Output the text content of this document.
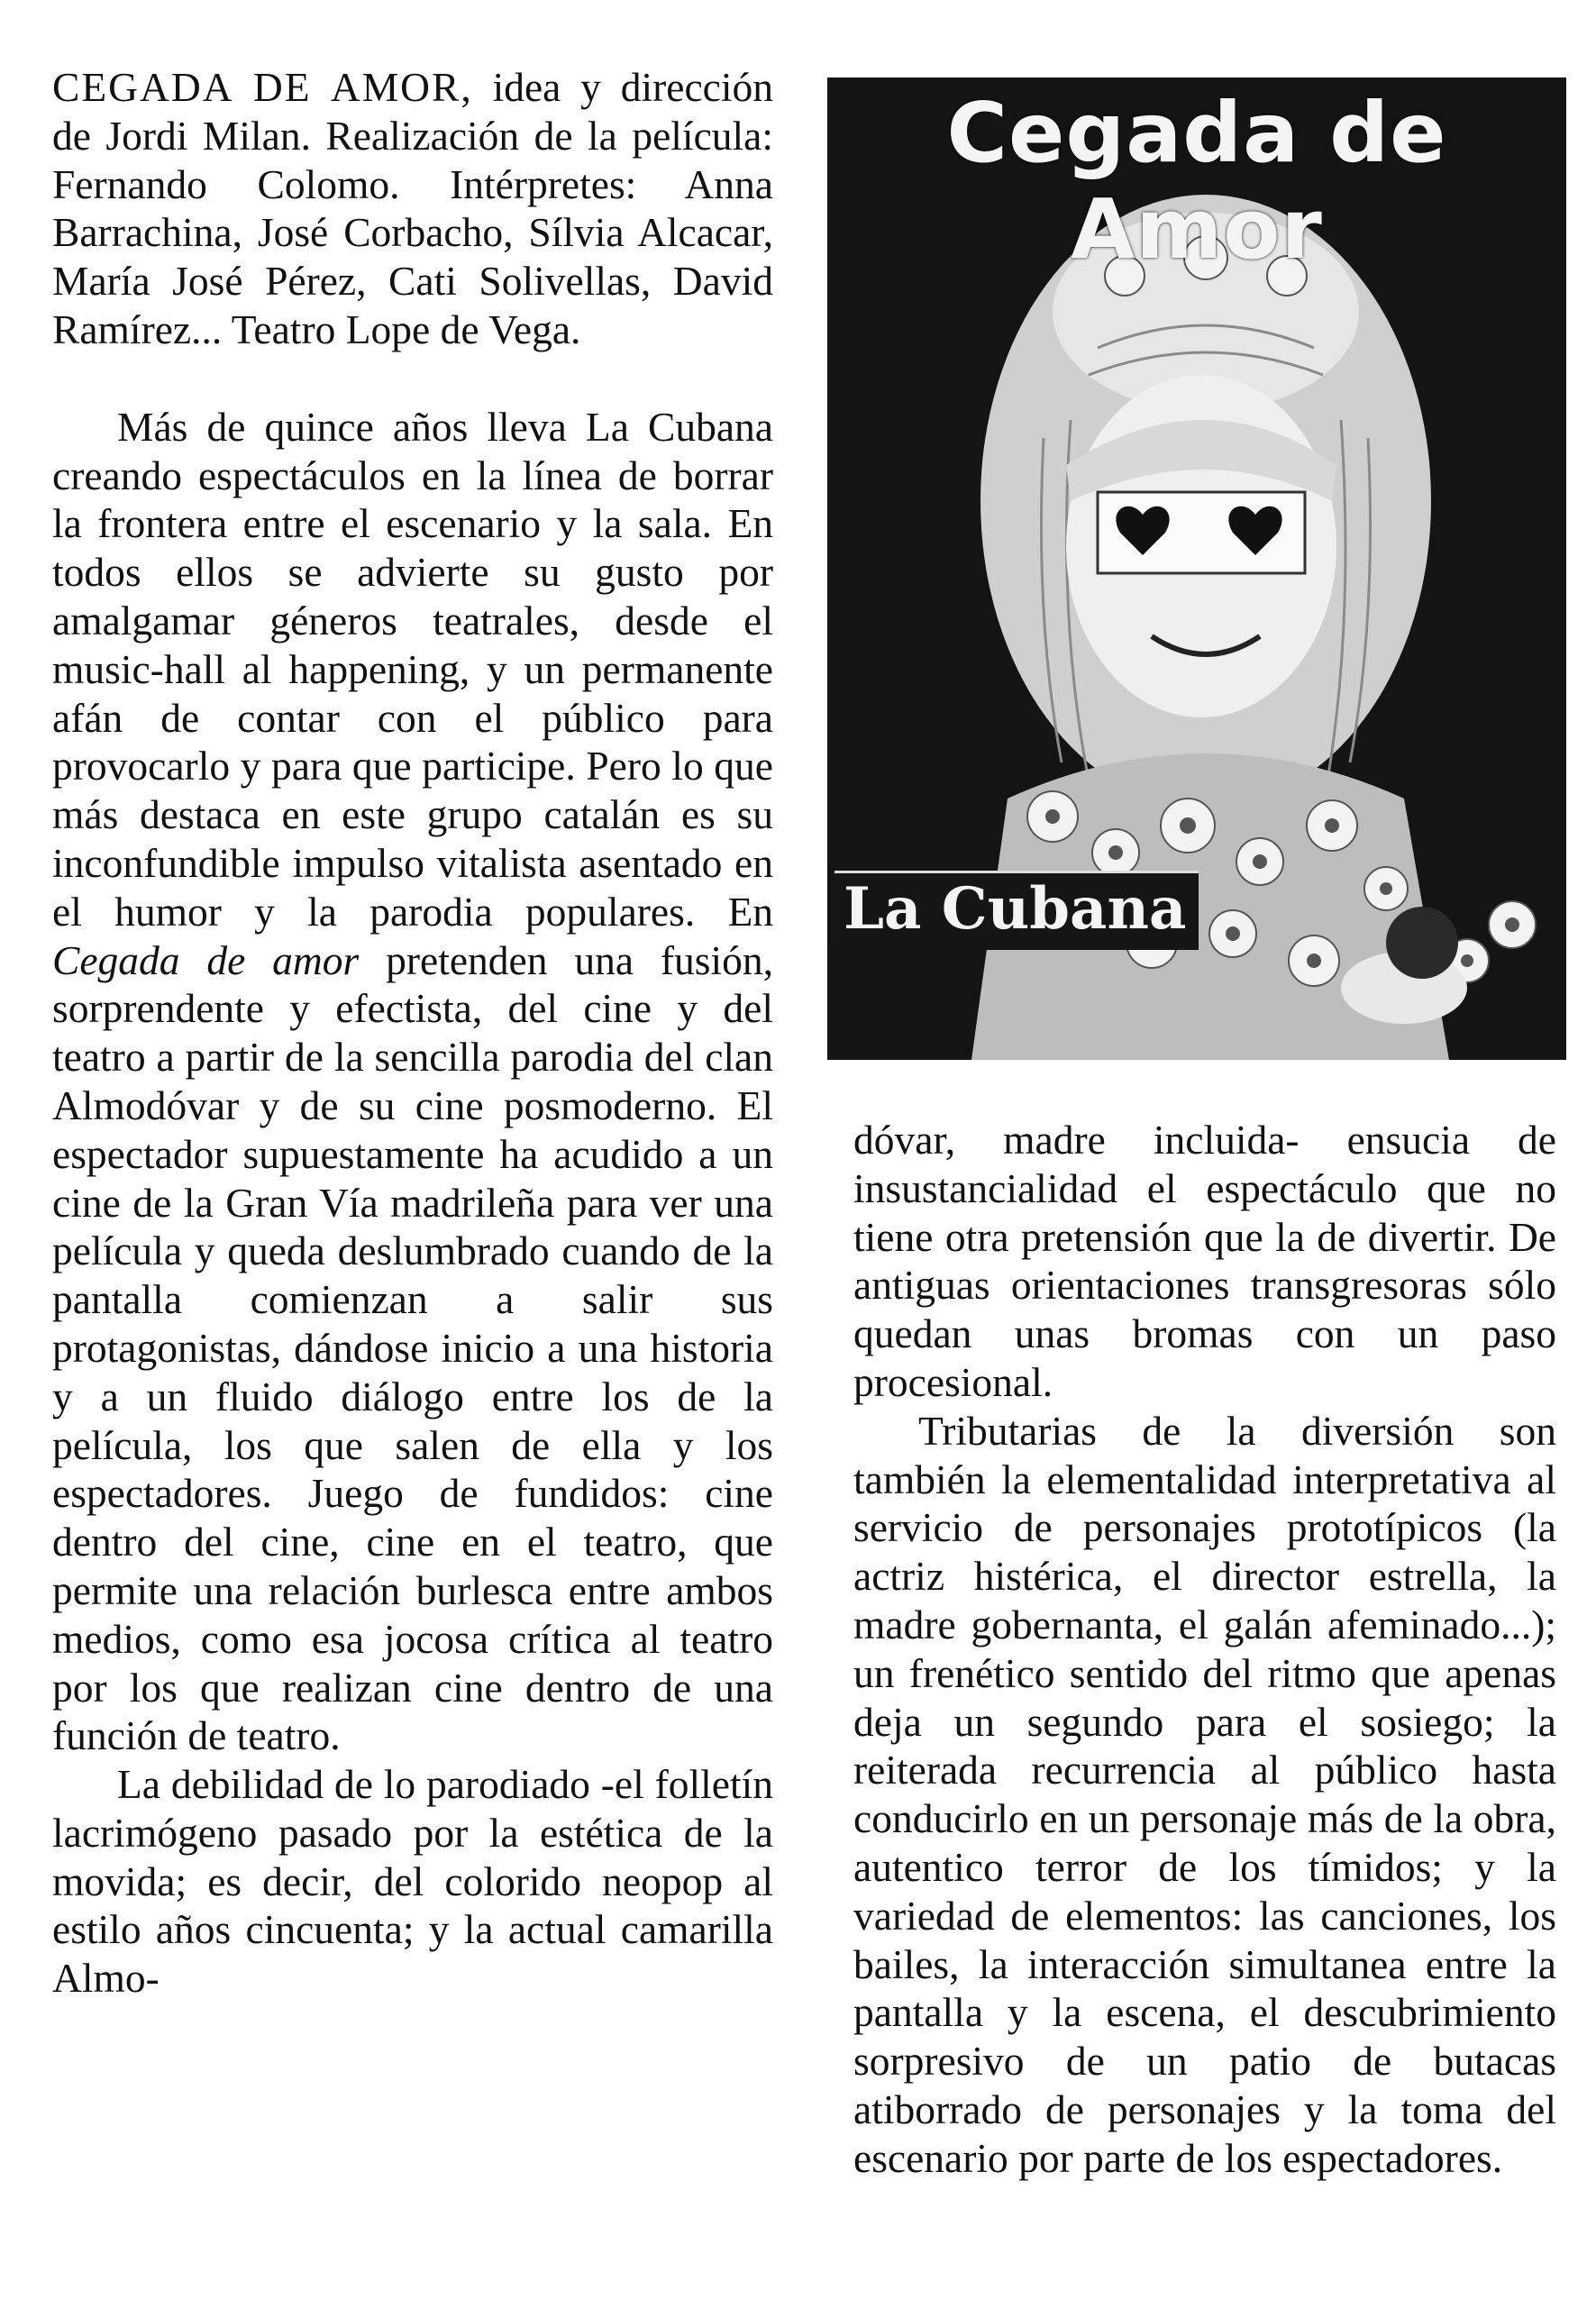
CEGADA DE AMOR, idea y dirección de Jordi Milan. Realización de la película: Fernando Colomo. Intérpretes: Anna Barrachina, José Corbacho, Sílvia Alcacar, María José Pérez, Cati Solivellas, David Ramírez... Teatro Lope de Vega.

Más de quince años lleva La Cubana creando espectáculos en la línea de borrar la frontera entre el escenario y la sala. En todos ellos se advierte su gusto por amalgamar géneros teatrales, desde el music-hall al happening, y un permanente afán de contar con el público para provocarlo y para que participe. Pero lo que más destaca en este grupo catalán es su inconfundible impulso vitalista asentado en el humor y la parodia populares. En Cegada de amor pretenden una fusión, sorprendente y efectista, del cine y del teatro a partir de la sencilla parodia del clan Almodóvar y de su cine posmoderno. El espectador supuestamente ha acudido a un cine de la Gran Vía madrileña para ver una película y queda deslumbrado cuando de la pantalla comienzan a salir sus protagonistas, dándose inicio a una historia y a un fluido diálogo entre los de la película, los que salen de ella y los espectadores. Juego de fundidos: cine dentro del cine, cine en el teatro, que permite una relación burlesca entre ambos medios, como esa jocosa crítica al teatro por los que realizan cine dentro de una función de teatro.

La debilidad de lo parodiado -el folletín lacrimógeno pasado por la estética de la movida; es decir, del colorido neopop al estilo años cincuenta; y la actual camarilla Almo-

Cegada de Amor
La Cubana

dóvar, madre incluida- ensucia de insustancialidad el espectáculo que no tiene otra pretensión que la de divertir. De antiguas orientaciones transgresoras sólo quedan unas bromas con un paso procesional.

Tributarias de la diversión son también la elementalidad interpretativa al servicio de personajes prototípicos (la actriz histérica, el director estrella, la madre gobernanta, el galán afeminado...); un frenético sentido del ritmo que apenas deja un segundo para el sosiego; la reiterada recurrencia al público hasta conducirlo en un personaje más de la obra, autentico terror de los tímidos; y la variedad de elementos: las canciones, los bailes, la interacción simultanea entre la pantalla y la escena, el descubrimiento sorpresivo de un patio de butacas atiborrado de personajes y la toma del escenario por parte de los espectadores.
